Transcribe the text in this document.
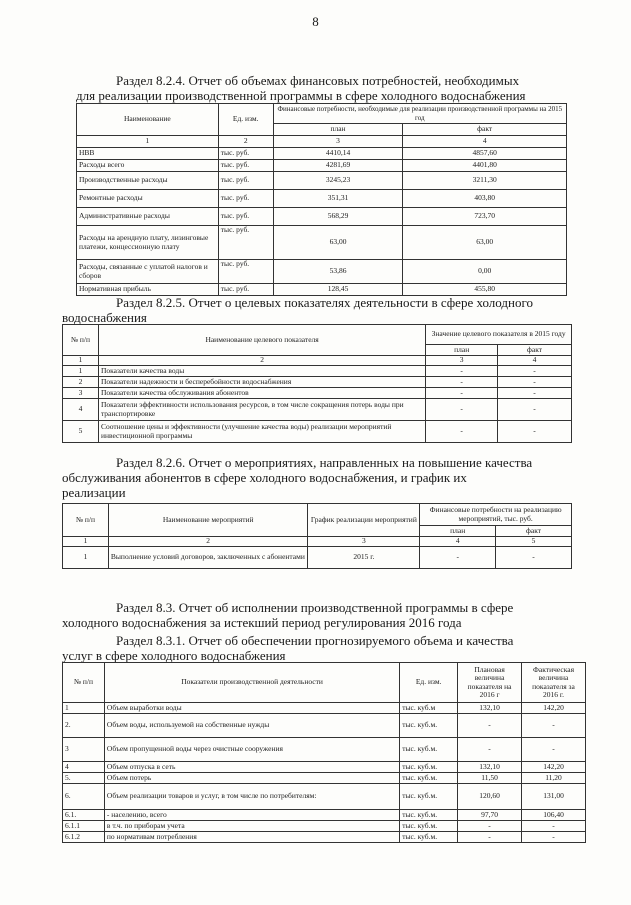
8
Раздел 8.2.4. Отчет об объемах финансовых потребностей, необходимых
для реализации производственной программы в сфере холодного водоснабжения
Наименование	Ед. изм.	Финансовые потребности, необходимые для реализации производственной программы на 2015 год	
		план	факт
1	2	3	4
НВВ	тыс. руб.	4410,14	4857,60
Расходы всего	тыс. руб.	4281,69	4401,80
Производственные расходы	тыс. руб.	3245,23	3211,30
Ремонтные расходы	тыс. руб.	351,31	403,80
Административные расходы	тыс. руб.	568,29	723,70
Расходы на арендную плату, лизинговые платежи, концессионную плату	тыс. руб.	63,00	63,00
Расходы, связанные с уплатой налогов и сборов	тыс. руб.	53,86	0,00
Нормативная прибыль	тыс. руб.	128,45	455,80
Раздел 8.2.5. Отчет о целевых показателях деятельности в сфере холодного
водоснабжения
№ п/п	Наименование целевого показателя	Значение целевого показателя в 2015 году	
		план	факт
1	2	3	4
1	Показатели качества воды	-	-
2	Показатели надежности и бесперебойности водоснабжения	-	-
3	Показатели качества обслуживания абонентов	-	-
4	Показатели эффективности использования ресурсов, в том числе сокращения потерь воды при транспортировке	-	-
5	Соотношение цены и эффективности (улучшение качества воды) реализации мероприятий инвестиционной программы	-	-
Раздел 8.2.6. Отчет о мероприятиях, направленных на повышение качества
обслуживания абонентов в сфере холодного водоснабжения, и график их
реализации
№ п/п	Наименование мероприятий	График реализации мероприятий	Финансовые потребности на реализацию мероприятий, тыс. руб.	
			план	факт
1	2	3	4	5
1	Выполнение условий договоров, заключенных с абонентами	2015 г.	-	-
Раздел 8.3. Отчет об исполнении производственной программы в сфере
холодного водоснабжения за истекший период регулирования 2016 года
Раздел 8.3.1. Отчет об обеспечении прогнозируемого объема и качества
услуг в сфере холодного водоснабжения
№ п/п	Показатели производственной деятельности	Ед. изм.	Плановая величина показателя на 2016 г	Фактическая величина показателя за 2016 г.
1	Объем выработки воды	тыс. куб.м	132,10	142,20
2.	Объем воды, используемой на собственные нужды	тыс. куб.м.	-	-
3	Объем пропущенной воды через очистные сооружения	тыс. куб.м.	-	-
4	Объем отпуска в сеть	тыс. куб.м.	132,10	142,20
5.	Объем потерь	тыс. куб.м.	11,50	11,20
6.	Объем реализации товаров и услуг, в том числе по потребителям:	тыс. куб.м.	120,60	131,00
6.1.	- населению, всего	тыс. куб.м.	97,70	106,40
6.1.1	в т.ч. по приборам учета	тыс. куб.м.	-	-
6.1.2	по нормативам потребления	тыс. куб.м.	-	-
